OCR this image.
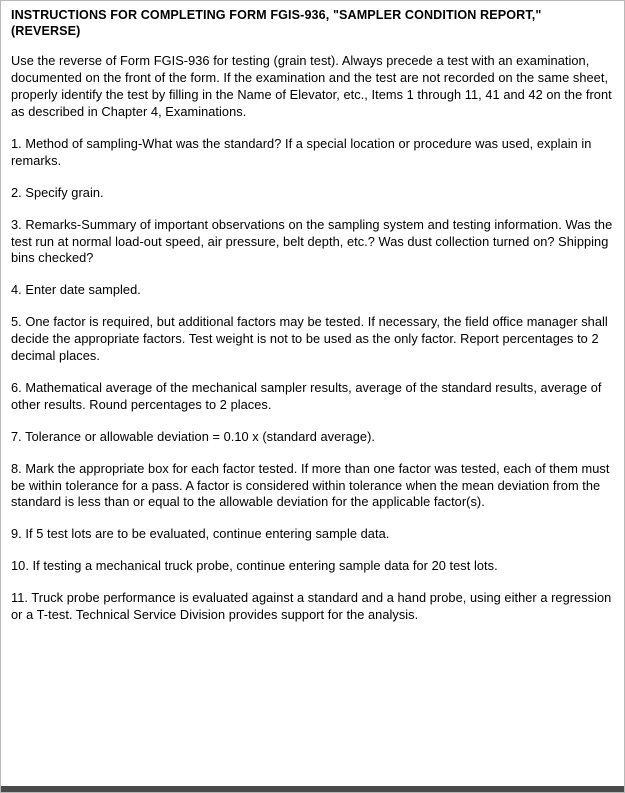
INSTRUCTIONS FOR COMPLETING FORM FGIS-936, "SAMPLER CONDITION REPORT," (REVERSE)

Use the reverse of Form FGIS-936 for testing (grain test). Always precede a test with an examination, documented on the front of the form. If the examination and the test are not recorded on the same sheet, properly identify the test by filling in the Name of Elevator, etc., Items 1 through 11, 41 and 42 on the front as described in Chapter 4, Examinations.

1. Method of sampling-What was the standard? If a special location or procedure was used, explain in remarks.

2. Specify grain.

3. Remarks-Summary of important observations on the sampling system and testing information. Was the test run at normal load-out speed, air pressure, belt depth, etc.? Was dust collection turned on? Shipping bins checked?

4. Enter date sampled.

5. One factor is required, but additional factors may be tested. If necessary, the field office manager shall decide the appropriate factors. Test weight is not to be used as the only factor. Report percentages to 2 decimal places.

6. Mathematical average of the mechanical sampler results, average of the standard results, average of other results. Round percentages to 2 places.

7. Tolerance or allowable deviation = 0.10 x (standard average).

8. Mark the appropriate box for each factor tested. If more than one factor was tested, each of them must be within tolerance for a pass. A factor is considered within tolerance when the mean deviation from the standard is less than or equal to the allowable deviation for the applicable factor(s).

9. If 5 test lots are to be evaluated, continue entering sample data.

10. If testing a mechanical truck probe, continue entering sample data for 20 test lots.

11. Truck probe performance is evaluated against a standard and a hand probe, using either a regression or a T-test. Technical Service Division provides support for the analysis.
